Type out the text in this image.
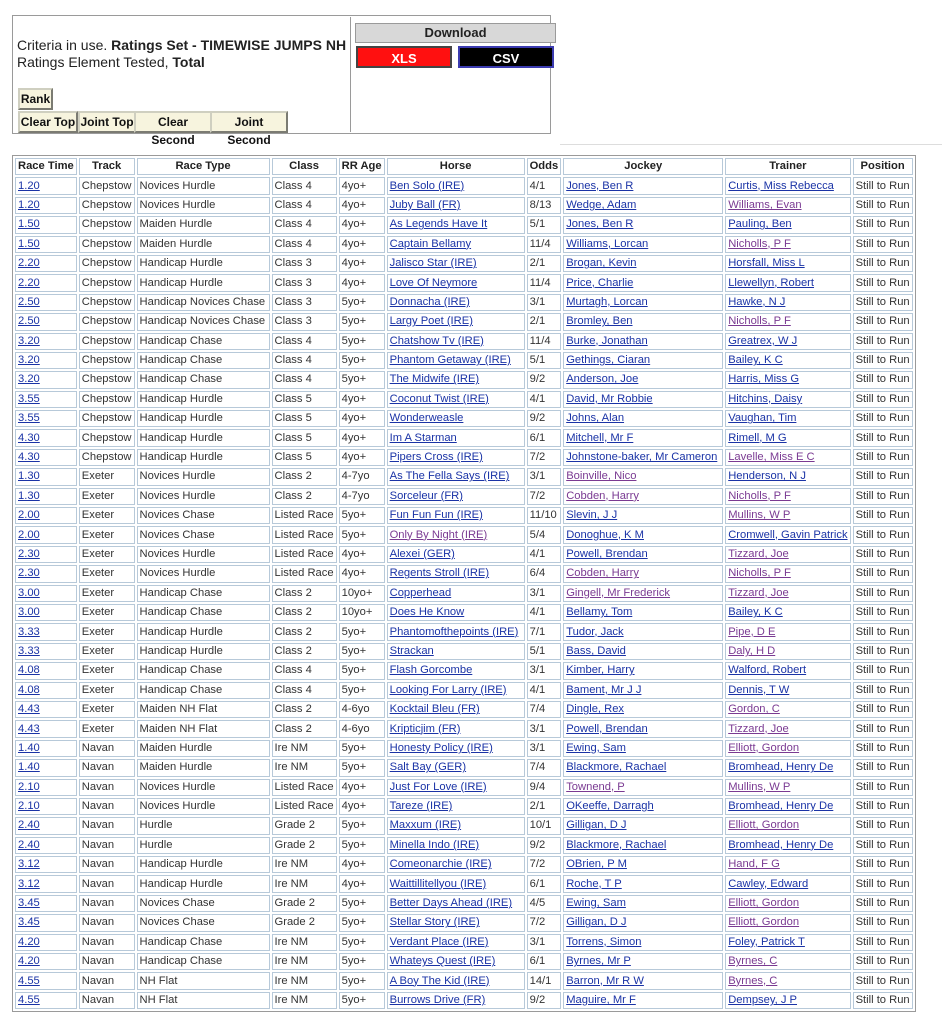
Criteria in use. Ratings Set - TIMEWISE JUMPS NH
Ratings Element Tested, Total
Rank
Clear Top Joint Top	Clear Second
Joint Second
Download
XLS	CSV
Race Time	Track	Race Type	Class	RR Age	Horse	Odds	Jockey	Trainer	Position
1.20	Chepstow	Novices Hurdle	Class 4	4yo+	Ben Solo (IRE)	4/1	Jones, Ben R	Curtis, Miss Rebecca	Still to Run
1.20	Chepstow	Novices Hurdle	Class 4	4yo+	Juby Ball (FR)	8/13	Wedge, Adam	Williams, Evan	Still to Run
1.50	Chepstow	Maiden Hurdle	Class 4	4yo+	As Legends Have It	5/1	Jones, Ben R	Pauling, Ben	Still to Run
1.50	Chepstow	Maiden Hurdle	Class 4	4yo+	Captain Bellamy	11/4	Williams, Lorcan	Nicholls, P F	Still to Run
2.20	Chepstow	Handicap Hurdle	Class 3	4yo+	Jalisco Star (IRE)	2/1	Brogan, Kevin	Horsfall, Miss L	Still to Run
2.20	Chepstow	Handicap Hurdle	Class 3	4yo+	Love Of Neymore	11/4	Price, Charlie	Llewellyn, Robert	Still to Run
2.50	Chepstow	Handicap Novices Chase	Class 3	5yo+	Donnacha (IRE)	3/1	Murtagh, Lorcan	Hawke, N J	Still to Run
2.50	Chepstow	Handicap Novices Chase	Class 3	5yo+	Largy Poet (IRE)	2/1	Bromley, Ben	Nicholls, P F	Still to Run
3.20	Chepstow	Handicap Chase	Class 4	5yo+	Chatshow Tv (IRE)	11/4	Burke, Jonathan	Greatrex, W J	Still to Run
3.20	Chepstow	Handicap Chase	Class 4	5yo+	Phantom Getaway (IRE)	5/1	Gethings, Ciaran	Bailey, K C	Still to Run
3.20	Chepstow	Handicap Chase	Class 4	5yo+	The Midwife (IRE)	9/2	Anderson, Joe	Harris, Miss G	Still to Run
3.55	Chepstow	Handicap Hurdle	Class 5	4yo+	Coconut Twist (IRE)	4/1	David, Mr Robbie	Hitchins, Daisy	Still to Run
3.55	Chepstow	Handicap Hurdle	Class 5	4yo+	Wonderweasle	9/2	Johns, Alan	Vaughan, Tim	Still to Run
4.30	Chepstow	Handicap Hurdle	Class 5	4yo+	Im A Starman	6/1	Mitchell, Mr F	Rimell, M G	Still to Run
4.30	Chepstow	Handicap Hurdle	Class 5	4yo+	Pipers Cross (IRE)	7/2	Johnstone-baker, Mr Cameron	Lavelle, Miss E C	Still to Run
1.30	Exeter	Novices Hurdle	Class 2	4-7yo	As The Fella Says (IRE)	3/1	Boinville, Nico	Henderson, N J	Still to Run
1.30	Exeter	Novices Hurdle	Class 2	4-7yo	Sorceleur (FR)	7/2	Cobden, Harry	Nicholls, P F	Still to Run
2.00	Exeter	Novices Chase	Listed Race	5yo+	Fun Fun Fun (IRE)	11/10	Slevin, J J	Mullins, W P	Still to Run
2.00	Exeter	Novices Chase	Listed Race	5yo+	Only By Night (IRE)	5/4	Donoghue, K M	Cromwell, Gavin Patrick	Still to Run
2.30	Exeter	Novices Hurdle	Listed Race	4yo+	Alexei (GER)	4/1	Powell, Brendan	Tizzard, Joe	Still to Run
2.30	Exeter	Novices Hurdle	Listed Race	4yo+	Regents Stroll (IRE)	6/4	Cobden, Harry	Nicholls, P F	Still to Run
3.00	Exeter	Handicap Chase	Class 2	10yo+	Copperhead	3/1	Gingell, Mr Frederick	Tizzard, Joe	Still to Run
3.00	Exeter	Handicap Chase	Class 2	10yo+	Does He Know	4/1	Bellamy, Tom	Bailey, K C	Still to Run
3.33	Exeter	Handicap Hurdle	Class 2	5yo+	Phantomofthepoints (IRE)	7/1	Tudor, Jack	Pipe, D E	Still to Run
3.33	Exeter	Handicap Hurdle	Class 2	5yo+	Strackan	5/1	Bass, David	Daly, H D	Still to Run
4.08	Exeter	Handicap Chase	Class 4	5yo+	Flash Gorcombe	3/1	Kimber, Harry	Walford, Robert	Still to Run
4.08	Exeter	Handicap Chase	Class 4	5yo+	Looking For Larry (IRE)	4/1	Bament, Mr J J	Dennis, T W	Still to Run
4.43	Exeter	Maiden NH Flat	Class 2	4-6yo	Kocktail Bleu (FR)	7/4	Dingle, Rex	Gordon, C	Still to Run
4.43	Exeter	Maiden NH Flat	Class 2	4-6yo	Kripticjim (FR)	3/1	Powell, Brendan	Tizzard, Joe	Still to Run
1.40	Navan	Maiden Hurdle	Ire NM	5yo+	Honesty Policy (IRE)	3/1	Ewing, Sam	Elliott, Gordon	Still to Run
1.40	Navan	Maiden Hurdle	Ire NM	5yo+	Salt Bay (GER)	7/4	Blackmore, Rachael	Bromhead, Henry De	Still to Run
2.10	Navan	Novices Hurdle	Listed Race	4yo+	Just For Love (IRE)	9/4	Townend, P	Mullins, W P	Still to Run
2.10	Navan	Novices Hurdle	Listed Race	4yo+	Tareze (IRE)	2/1	OKeeffe, Darragh	Bromhead, Henry De	Still to Run
2.40	Navan	Hurdle	Grade 2	5yo+	Maxxum (IRE)	10/1	Gilligan, D J	Elliott, Gordon	Still to Run
2.40	Navan	Hurdle	Grade 2	5yo+	Minella Indo (IRE)	9/2	Blackmore, Rachael	Bromhead, Henry De	Still to Run
3.12	Navan	Handicap Hurdle	Ire NM	4yo+	Comeonarchie (IRE)	7/2	OBrien, P M	Hand, F G	Still to Run
3.12	Navan	Handicap Hurdle	Ire NM	4yo+	Waittillitellyou (IRE)	6/1	Roche, T P	Cawley, Edward	Still to Run
3.45	Navan	Novices Chase	Grade 2	5yo+	Better Days Ahead (IRE)	4/5	Ewing, Sam	Elliott, Gordon	Still to Run
3.45	Navan	Novices Chase	Grade 2	5yo+	Stellar Story (IRE)	7/2	Gilligan, D J	Elliott, Gordon	Still to Run
4.20	Navan	Handicap Chase	Ire NM	5yo+	Verdant Place (IRE)	3/1	Torrens, Simon	Foley, Patrick T	Still to Run
4.20	Navan	Handicap Chase	Ire NM	5yo+	Whateys Quest (IRE)	6/1	Byrnes, Mr P	Byrnes, C	Still to Run
4.55	Navan	NH Flat	Ire NM	5yo+	A Boy The Kid (IRE)	14/1	Barron, Mr R W	Byrnes, C	Still to Run
4.55	Navan	NH Flat	Ire NM	5yo+	Burrows Drive (FR)	9/2	Maguire, Mr F	Dempsey, J P	Still to Run
